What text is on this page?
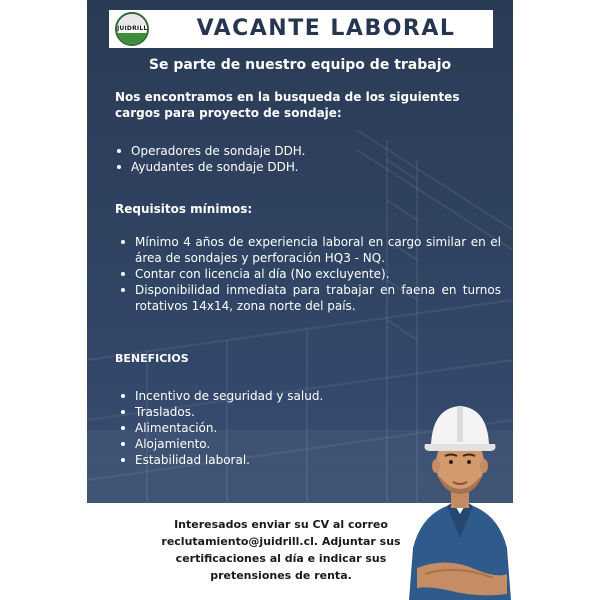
JUIDRILL	VACANTE LABORAL
Se parte de nuestro equipo de trabajo
Nos encontramos en la busqueda de los siguientes cargos para proyecto de sondaje:
Operadores de sondaje DDH.
Ayudantes de sondaje DDH.
Requisitos mínimos:
Mínimo 4 años de experiencia laboral en cargo similar en el área de sondajes y perforación HQ3 - NQ.
Contar con licencia al día (No excluyente).
Disponibilidad inmediata para trabajar en faena en turnos rotativos 14x14, zona norte del país.
BENEFICIOS
Incentivo de seguridad y salud.
Traslados.
Alimentación.
Alojamiento.
Estabilidad laboral.
Interesados enviar su CV al correo reclutamiento@juidrill.cl. Adjuntar sus certificaciones al día e indicar sus pretensiones de renta.
